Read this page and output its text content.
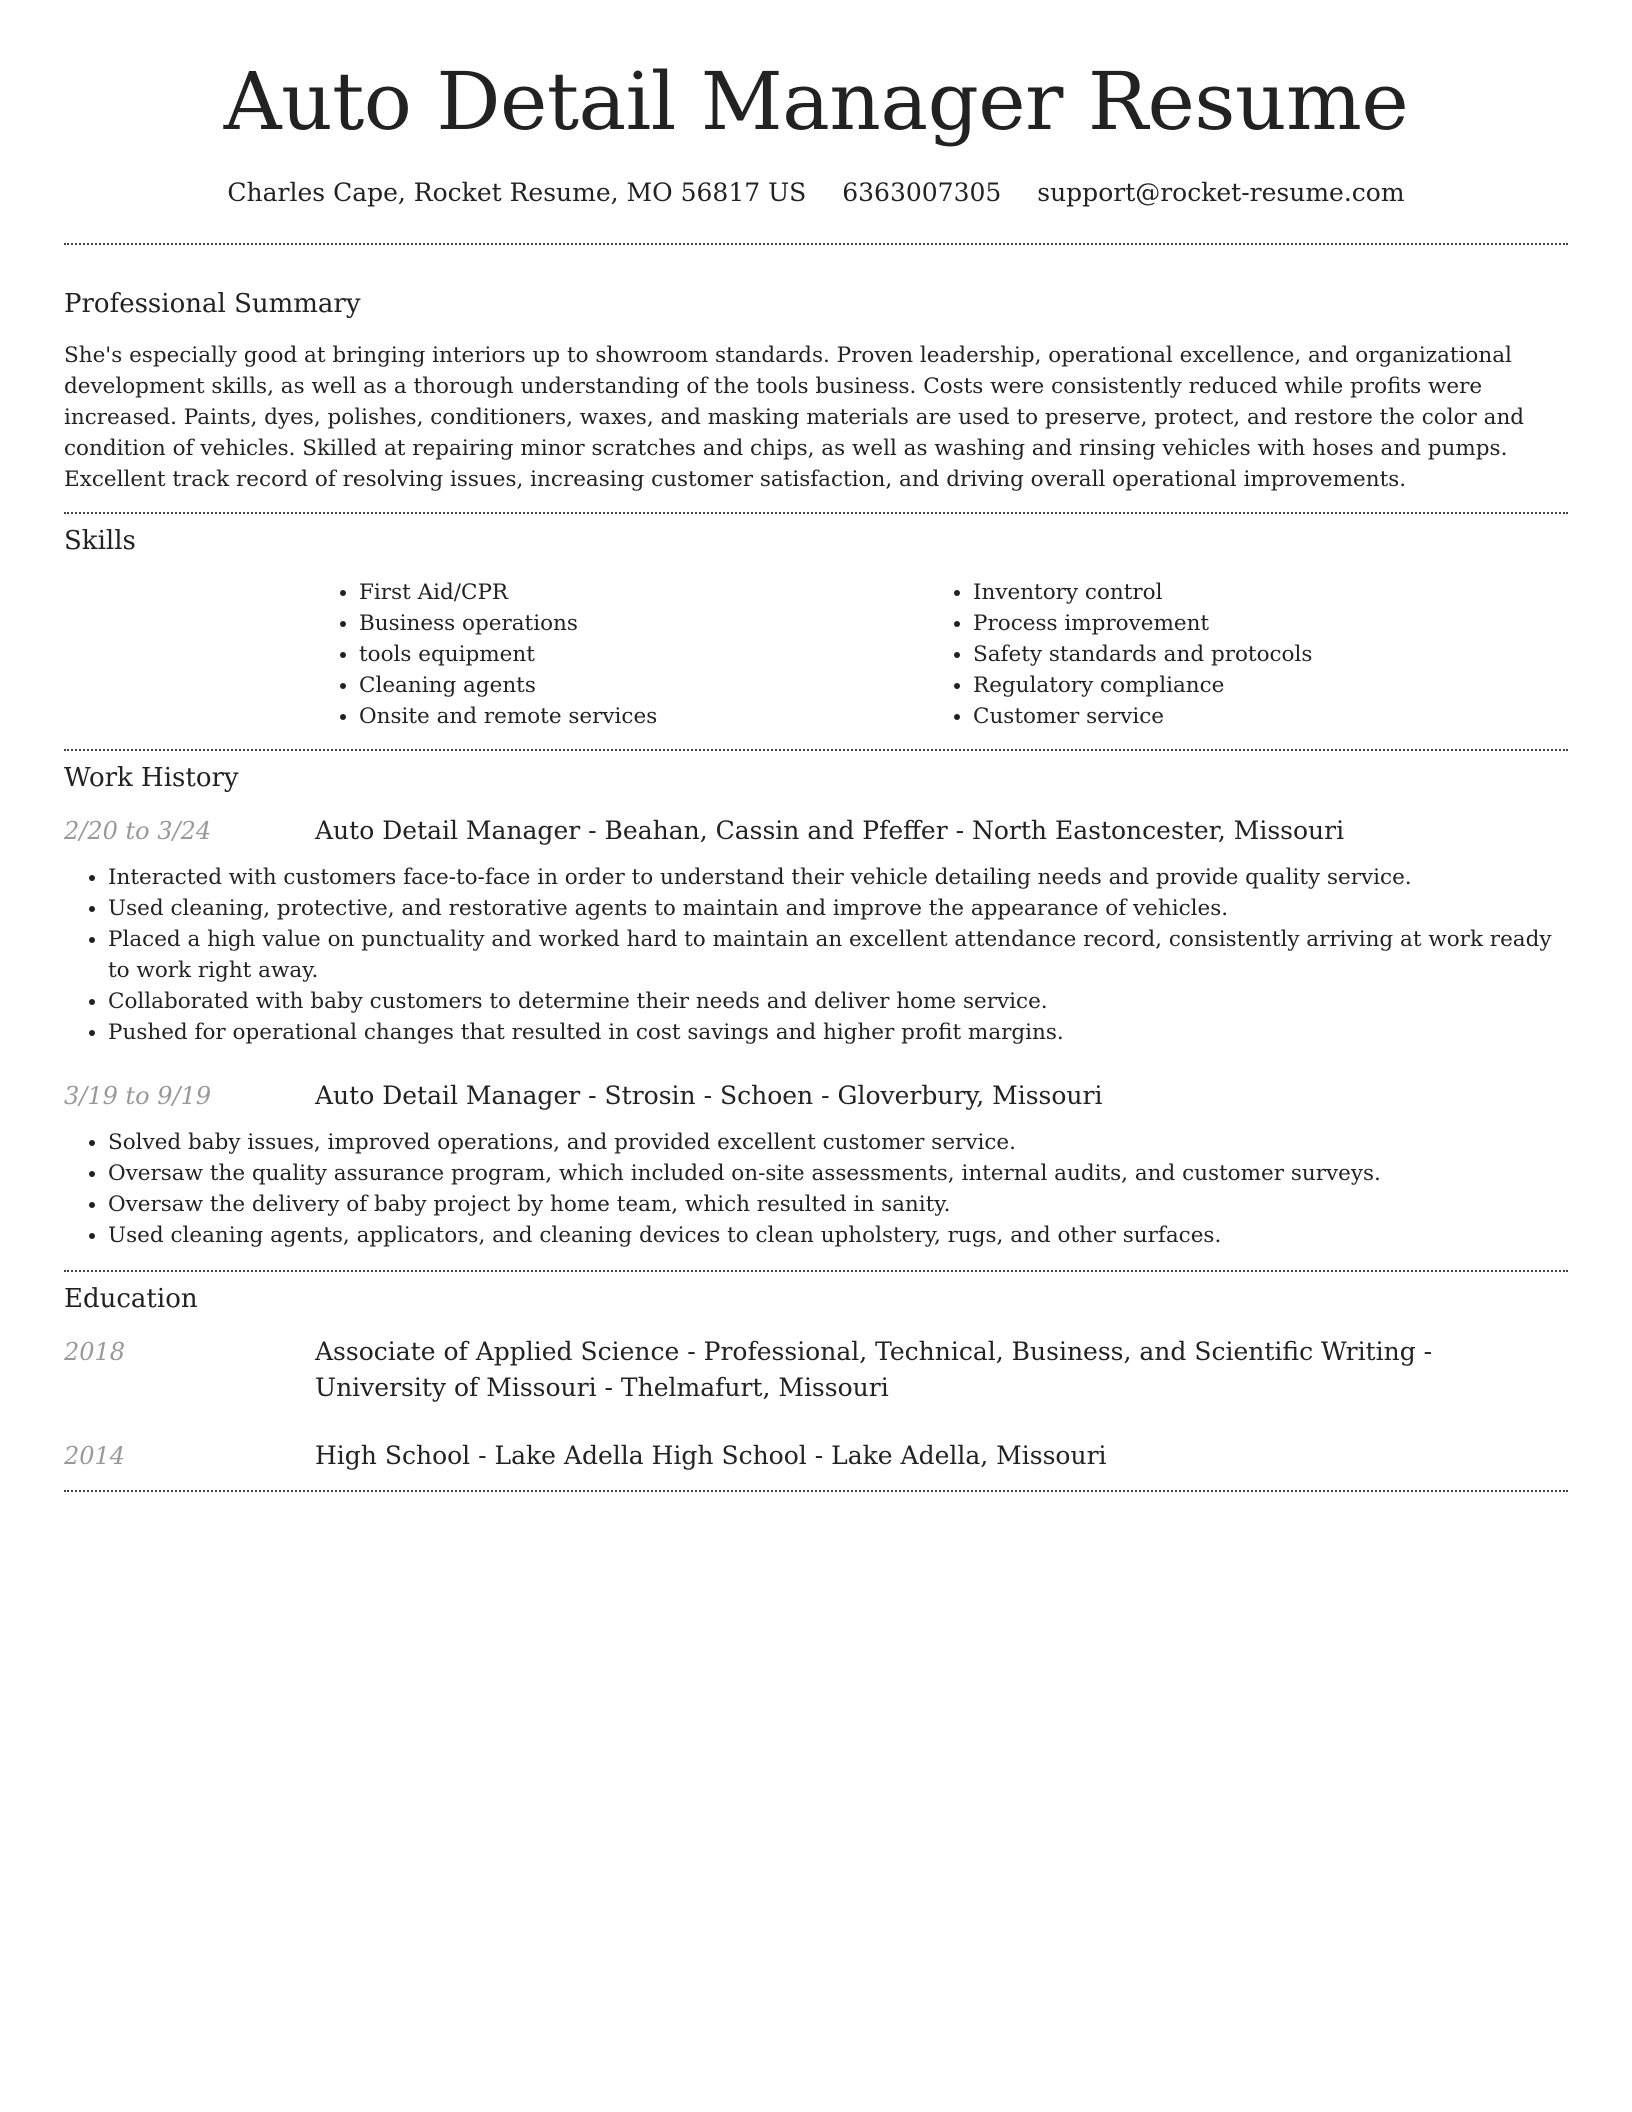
Auto Detail Manager Resume
Charles Cape, Rocket Resume, MO 56817 US 6363007305 support@rocket-resume.com
Professional Summary

She's especially good at bringing interiors up to showroom standards. Proven leadership, operational excellence, and organizational development skills, as well as a thorough understanding of the tools business. Costs were consistently reduced while profits were increased. Paints, dyes, polishes, conditioners, waxes, and masking materials are used to preserve, protect, and restore the color and condition of vehicles. Skilled at repairing minor scratches and chips, as well as washing and rinsing vehicles with hoses and pumps. Excellent track record of resolving issues, increasing customer satisfaction, and driving overall operational improvements.

Skills
• First Aid/CPR
• Business operations
• tools equipment
• Cleaning agents
• Onsite and remote services
• Inventory control
• Process improvement
• Safety standards and protocols
• Regulatory compliance
• Customer service
Work History
2/20 to 3/24	Auto Detail Manager - Beahan, Cassin and Pfeffer - North Eastoncester, Missouri
• Interacted with customers face-to-face in order to understand their vehicle detailing needs and provide quality service.
• Used cleaning, protective, and restorative agents to maintain and improve the appearance of vehicles.
• Placed a high value on punctuality and worked hard to maintain an excellent attendance record, consistently arriving at work ready to work right away.
• Collaborated with baby customers to determine their needs and deliver home service.
• Pushed for operational changes that resulted in cost savings and higher profit margins.
3/19 to 9/19	Auto Detail Manager - Strosin - Schoen - Gloverbury, Missouri
• Solved baby issues, improved operations, and provided excellent customer service.
• Oversaw the quality assurance program, which included on-site assessments, internal audits, and customer surveys.
• Oversaw the delivery of baby project by home team, which resulted in sanity.
• Used cleaning agents, applicators, and cleaning devices to clean upholstery, rugs, and other surfaces.
Education
2018	Associate of Applied Science - Professional, Technical, Business, and Scientific Writing - University of Missouri - Thelmafurt, Missouri
2014	High School - Lake Adella High School - Lake Adella, Missouri
